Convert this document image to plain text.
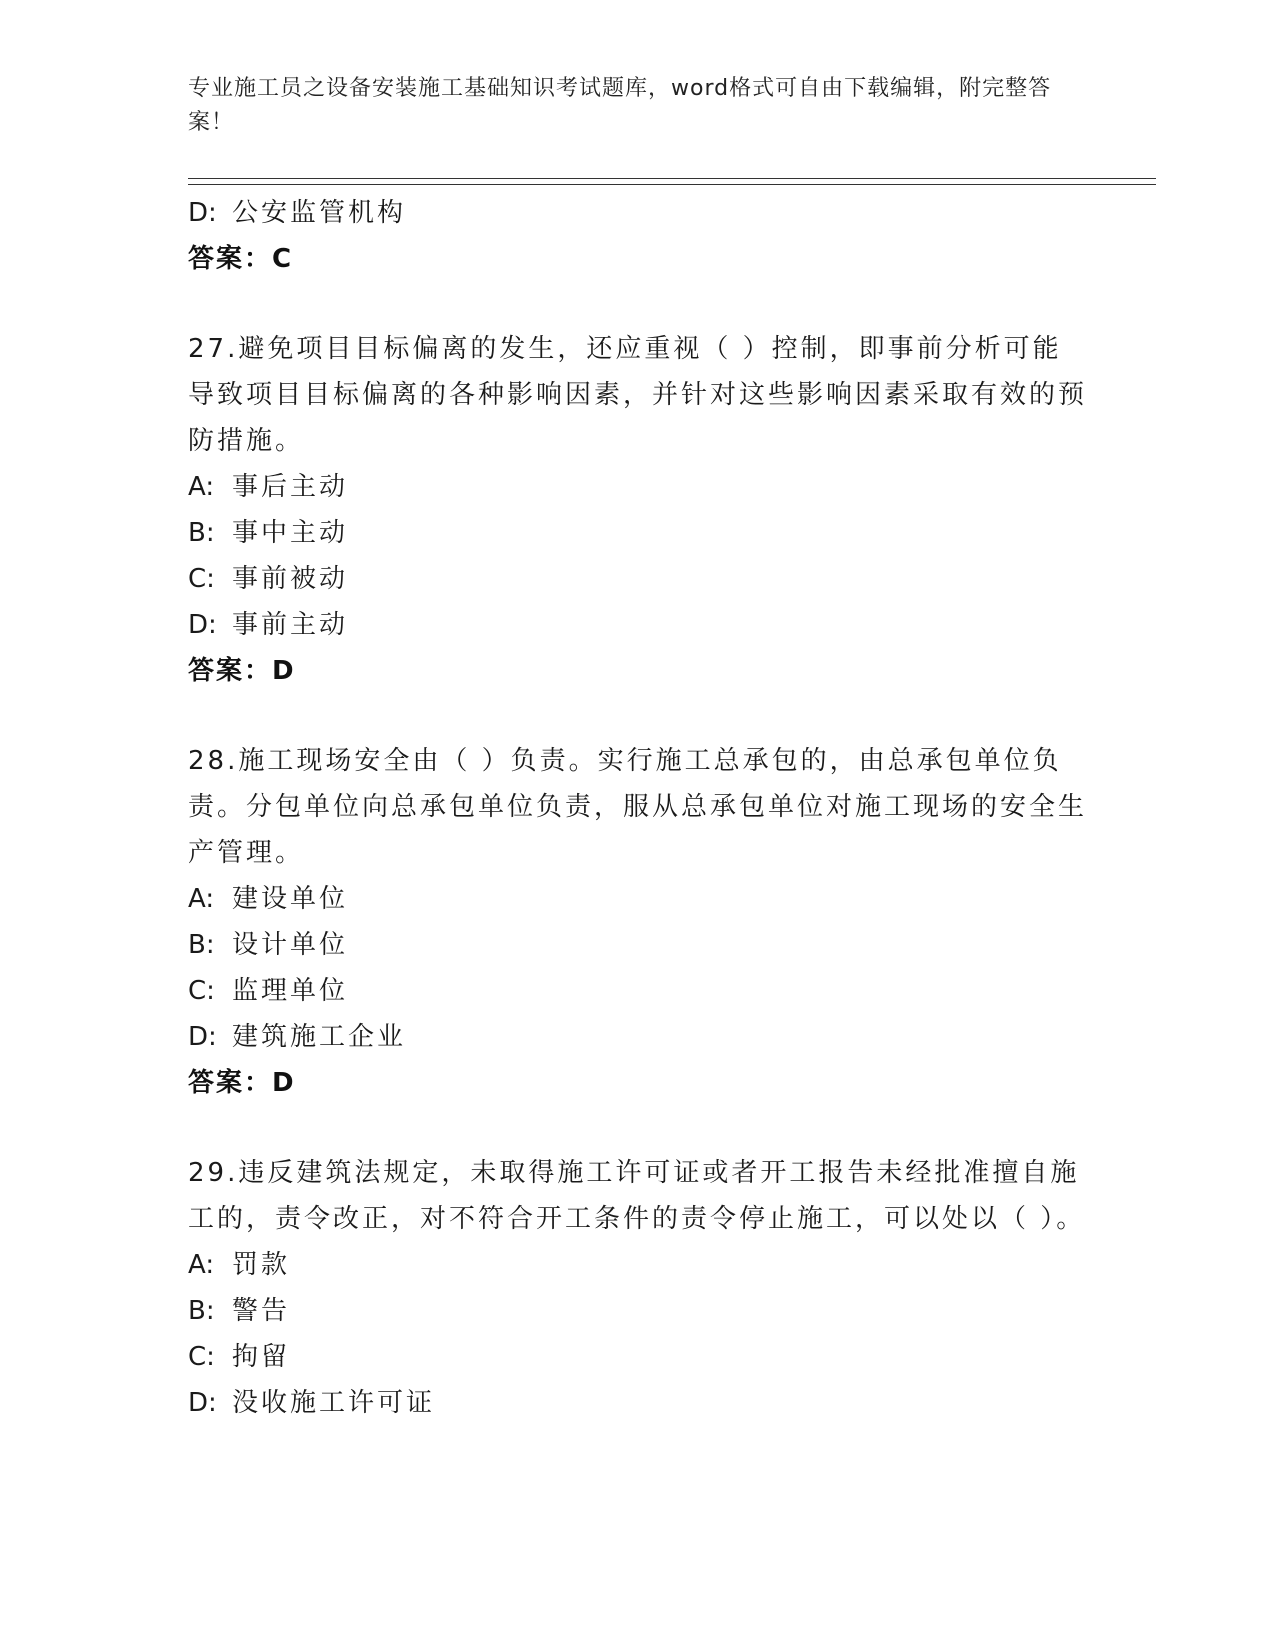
专业施工员之设备安装施工基础知识考试题库，word格式可自由下载编辑，附完整答案！
D: 公安监管机构
答案：C
27.避免项目目标偏离的发生，还应重视（ ）控制，即事前分析可能导致项目目标偏离的各种影响因素，并针对这些影响因素采取有效的预防措施。
A: 事后主动
B: 事中主动
C: 事前被动
D: 事前主动
答案：D
28.施工现场安全由（ ）负责。实行施工总承包的，由总承包单位负责。分包单位向总承包单位负责，服从总承包单位对施工现场的安全生产管理。
A: 建设单位
B: 设计单位
C: 监理单位
D: 建筑施工企业
答案：D
29.违反建筑法规定，未取得施工许可证或者开工报告未经批准擅自施工的，责令改正，对不符合开工条件的责令停止施工，可以处以（ ）。
A: 罚款
B: 警告
C: 拘留
D: 没收施工许可证
